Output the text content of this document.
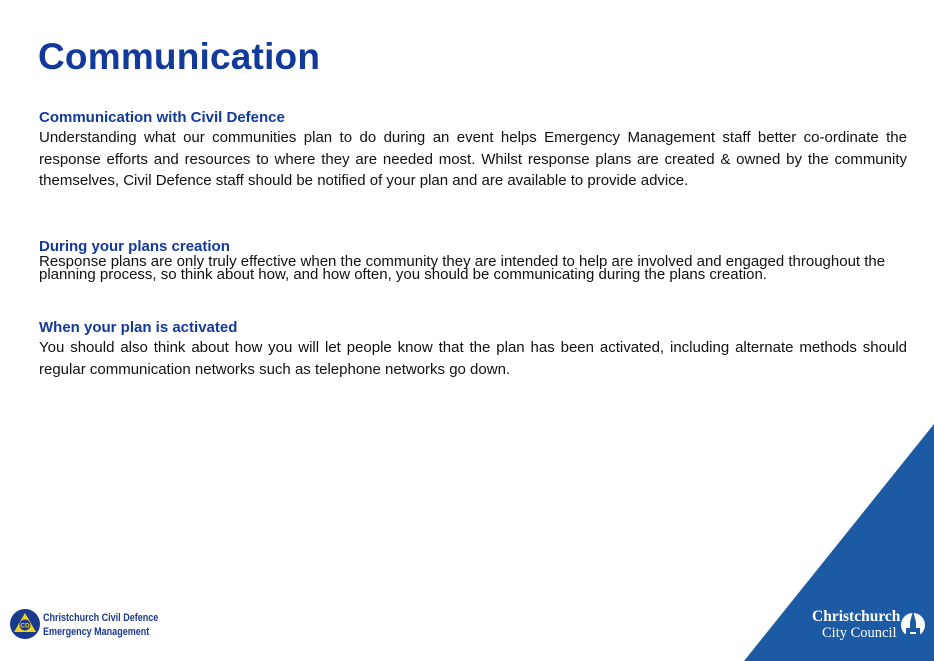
Communication
Communication with Civil Defence

Understanding what our communities plan to do during an event helps Emergency Management staff better co-ordinate the response efforts and resources to where they are needed most. Whilst response plans are created & owned by the community themselves, Civil Defence staff should be notified of your plan and are available to provide advice.

During your plans creation

Response plans are only truly effective when the community they are intended to help are involved and engaged throughout the planning process, so think about how, and how often, you should be communicating during the plans creation.

When your plan is activated

You should also think about how you will let people know that the plan has been activated, including alternate methods should regular communication networks such as telephone networks go down.

Christchurch
City Council
CD
Christchurch Civil Defence
Emergency Management
